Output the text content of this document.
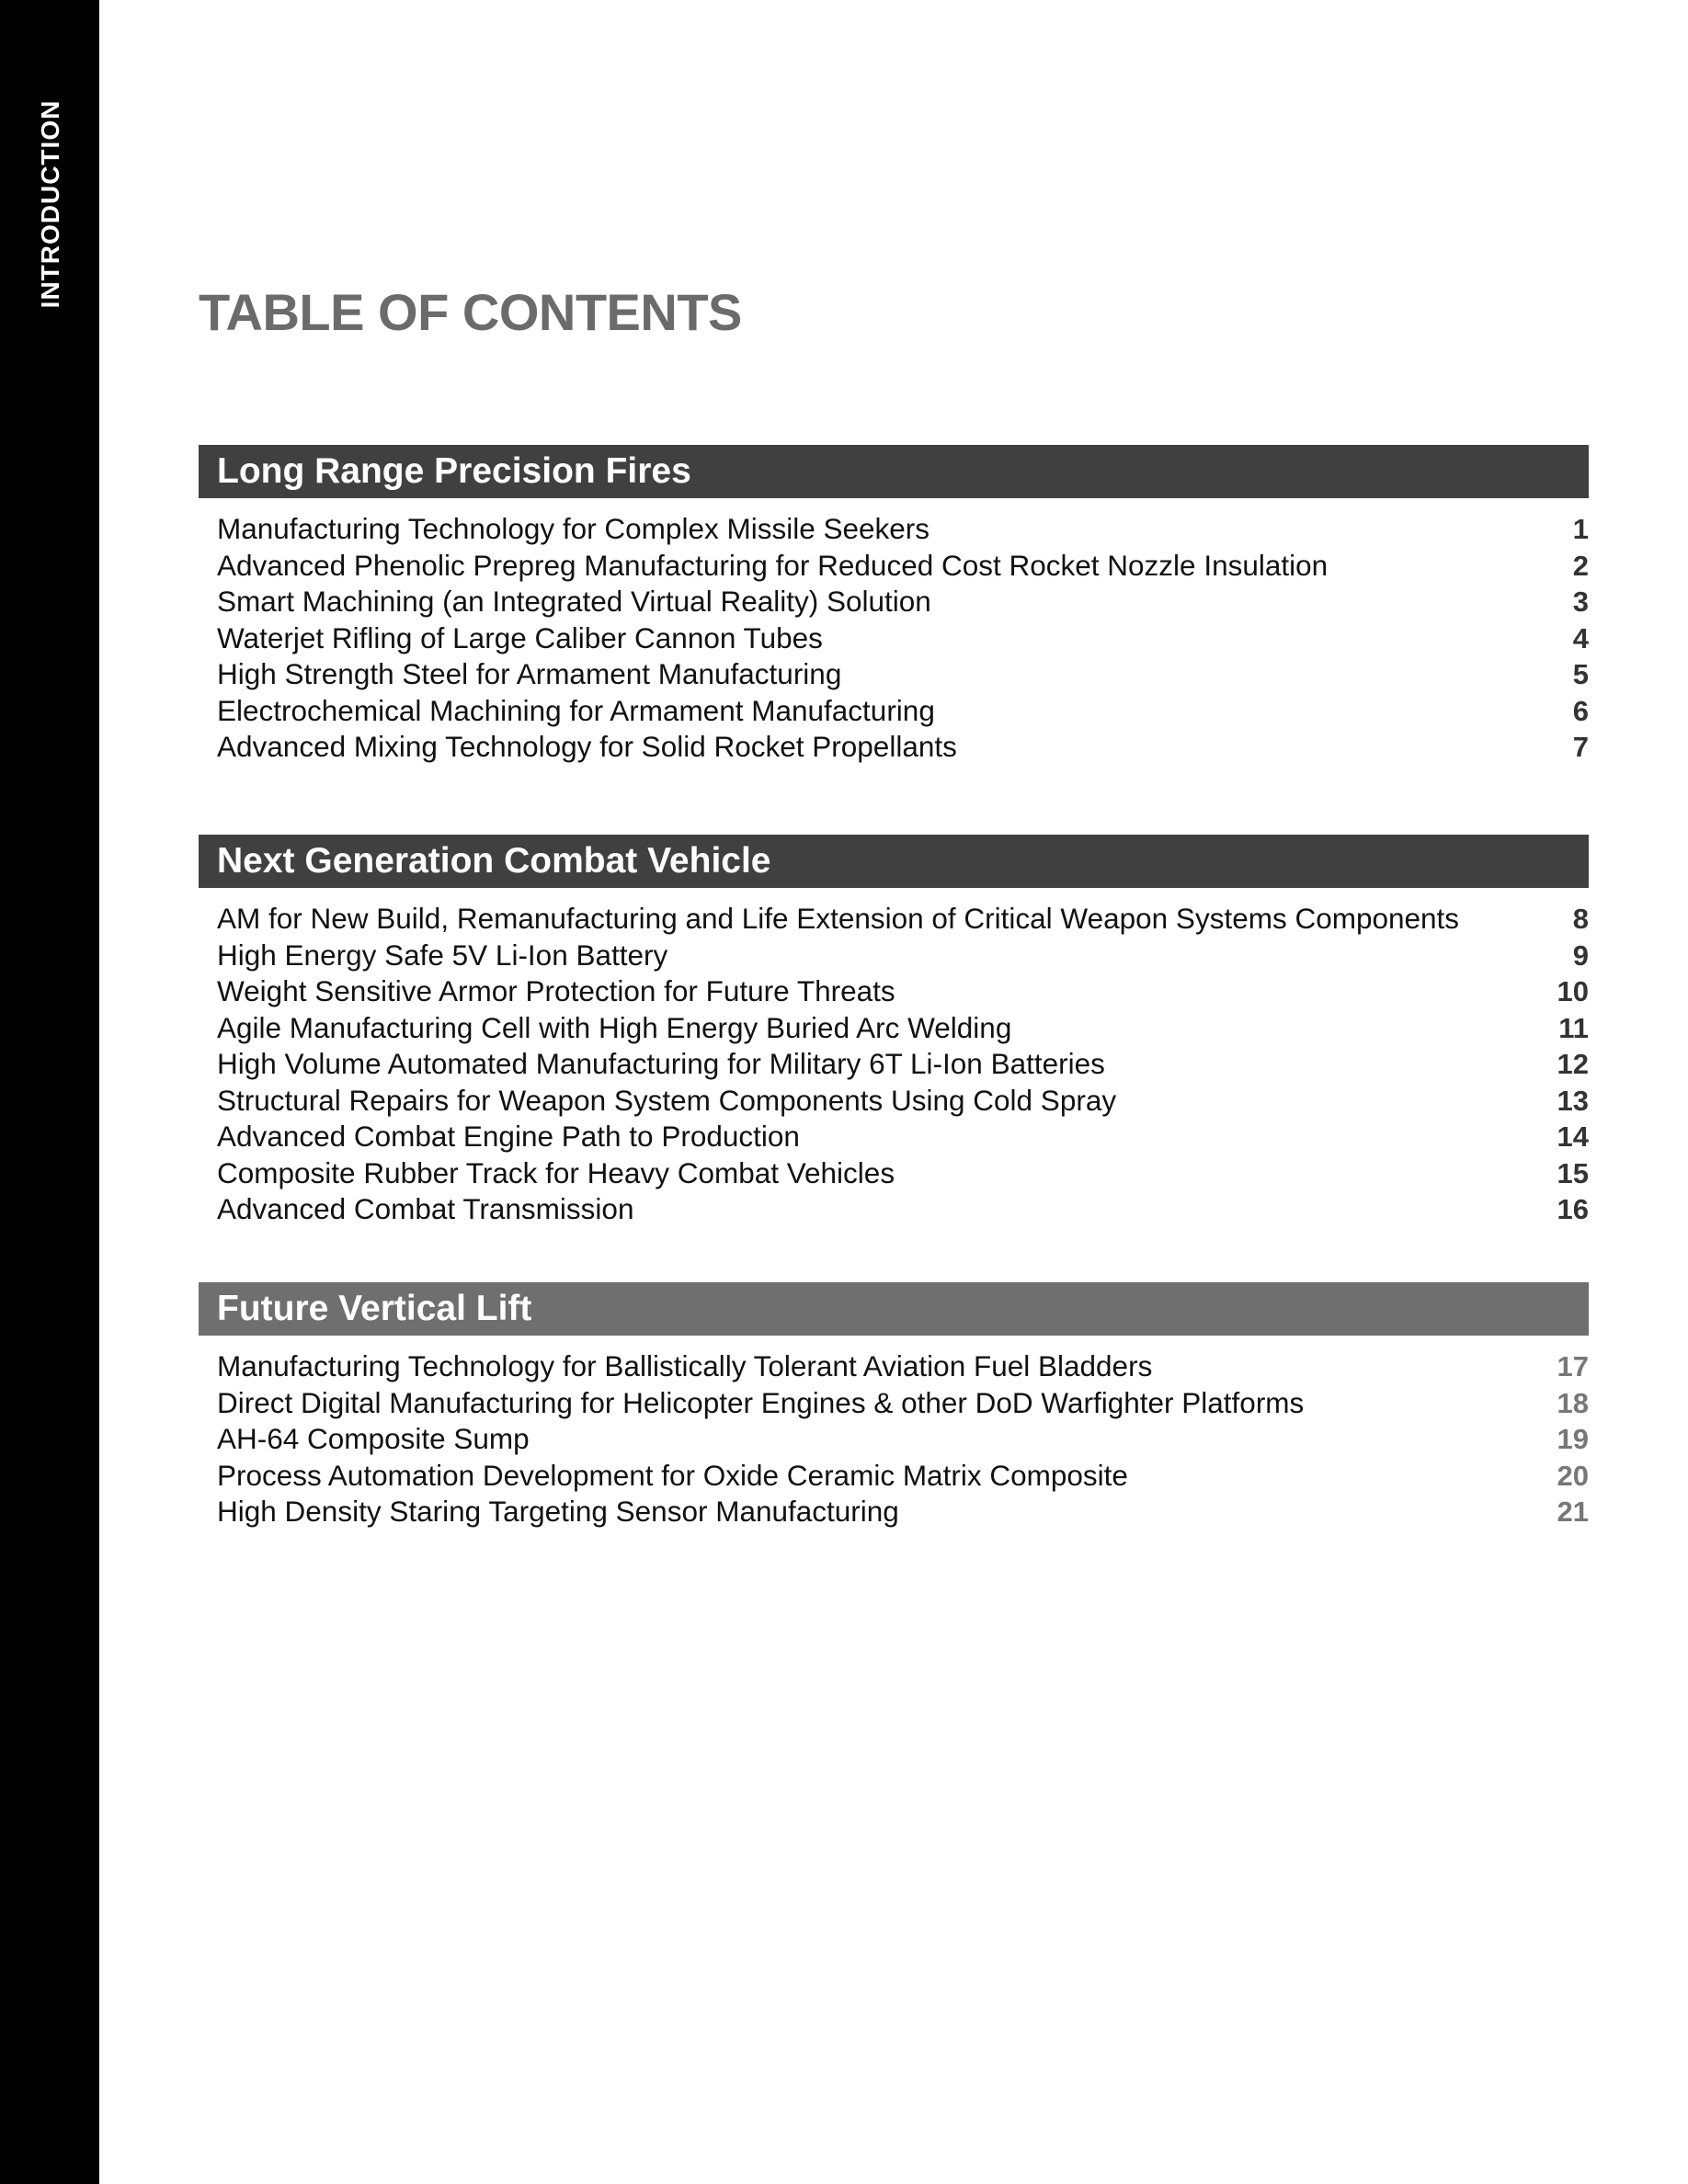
INTRODUCTION
TABLE OF CONTENTS
Long Range Precision Fires
Manufacturing Technology for Complex Missile Seekers	1
Advanced Phenolic Prepreg Manufacturing for Reduced Cost Rocket Nozzle Insulation	2
Smart Machining (an Integrated Virtual Reality) Solution	3
Waterjet Rifling of Large Caliber Cannon Tubes	4
High Strength Steel for Armament Manufacturing	5
Electrochemical Machining for Armament Manufacturing	6
Advanced Mixing Technology for Solid Rocket Propellants	7
Next Generation Combat Vehicle
AM for New Build, Remanufacturing and Life Extension of Critical Weapon Systems Components	8
High Energy Safe 5V Li-Ion Battery	9
Weight Sensitive Armor Protection for Future Threats	10
Agile Manufacturing Cell with High Energy Buried Arc Welding	11
High Volume Automated Manufacturing for Military 6T Li-Ion Batteries	12
Structural Repairs for Weapon System Components Using Cold Spray	13
Advanced Combat Engine Path to Production	14
Composite Rubber Track for Heavy Combat Vehicles	15
Advanced Combat Transmission	16
Future Vertical Lift
Manufacturing Technology for Ballistically Tolerant Aviation Fuel Bladders	17
Direct Digital Manufacturing for Helicopter Engines & other DoD Warfighter Platforms	18
AH-64 Composite Sump	19
Process Automation Development for Oxide Ceramic Matrix Composite	20
High Density Staring Targeting Sensor Manufacturing	21
